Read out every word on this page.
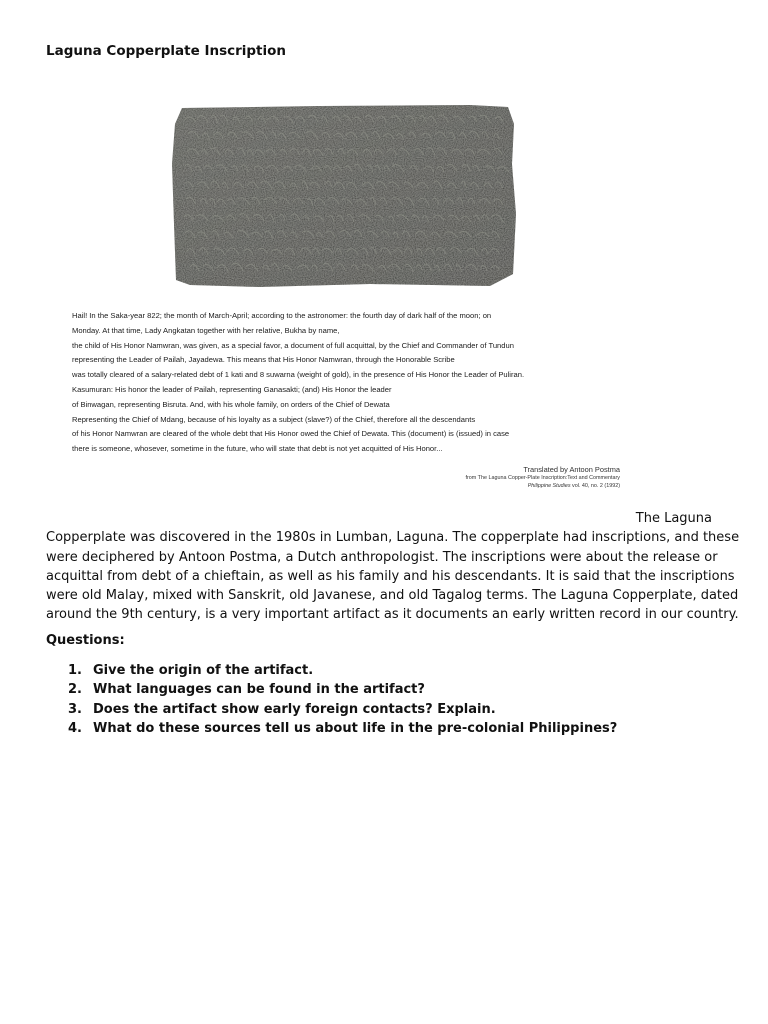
Laguna Copperplate Inscription
Hail! In the Saka-year 822; the month of March-April; according to the astronomer: the fourth day of dark half of the moon; on
Monday. At that time, Lady Angkatan together with her relative, Bukha by name,
the child of His Honor Namwran, was given, as a special favor, a document of full acquittal, by the Chief and Commander of Tundun
representing the Leader of Pailah, Jayadewa. This means that His Honor Namwran, through the Honorable Scribe
was totally cleared of a salary-related debt of 1 kati and 8 suwarna (weight of gold), in the presence of His Honor the Leader of Puliran.
Kasumuran: His honor the leader of Pailah, representing Ganasakti; (and) His Honor the leader
of Binwagan, representing Bisruta. And, with his whole family, on orders of the Chief of Dewata
Representing the Chief of Mdang, because of his loyalty as a subject (slave?) of the Chief, therefore all the descendants
of his Honor Namwran are cleared of the whole debt that His Honor owed the Chief of Dewata. This (document) is (issued) in case
there is someone, whosever, sometime in the future, who will state that debt is not yet acquitted of His Honor...
Translated by Antoon Postma
from The Laguna Copper-Plate Inscription:Text and Commentary
Philippine Studies vol. 40, no. 2 (1992)
The Laguna
Copperplate was discovered in the 1980s in Lumban, Laguna. The copperplate had inscriptions, and these
were deciphered by Antoon Postma, a Dutch anthropologist. The inscriptions were about the release or
acquittal from debt of a chieftain, as well as his family and his descendants. It is said that the inscriptions
were old Malay, mixed with Sanskrit, old Javanese, and old Tagalog terms. The Laguna Copperplate, dated
around the 9th century, is a very important artifact as it documents an early written record in our country.
Questions:
1. Give the origin of the artifact.
2. What languages can be found in the artifact?
3. Does the artifact show early foreign contacts? Explain.
4. What do these sources tell us about life in the pre-colonial Philippines?
